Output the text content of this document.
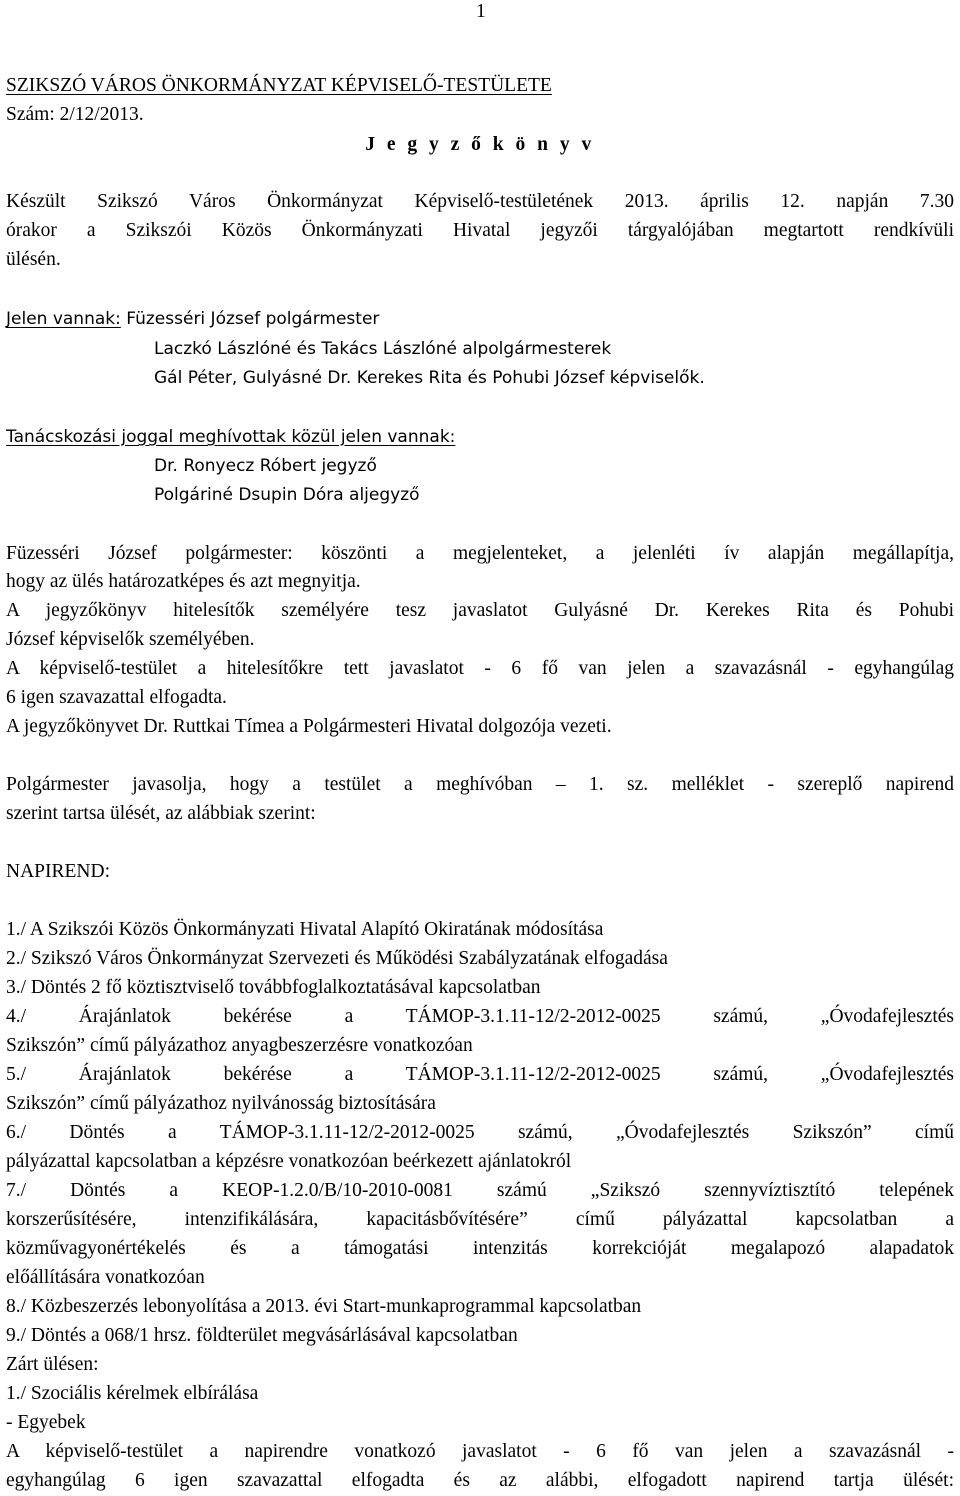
1
SZIKSZÓ VÁROS ÖNKORMÁNYZAT KÉPVISELŐ-TESTÜLETE
Szám: 2/12/2013.
J e g y z ő k ö n y v
Készült Szikszó Város Önkormányzat Képviselő-testületének 2013. április 12. napján 7.30
órakor a Szikszói Közös Önkormányzati Hivatal jegyzői tárgyalójában megtartott rendkívüli
ülésén.
Jelen vannak: Füzesséri József polgármester
Laczkó Lászlóné és Takács Lászlóné alpolgármesterek
Gál Péter, Gulyásné Dr. Kerekes Rita és Pohubi József képviselők.
Tanácskozási joggal meghívottak közül jelen vannak:
Dr. Ronyecz Róbert jegyző
Polgáriné Dsupin Dóra aljegyző
Füzesséri József polgármester: köszönti a megjelenteket, a jelenléti ív alapján megállapítja,
hogy az ülés határozatképes és azt megnyitja.
A jegyzőkönyv hitelesítők személyére tesz javaslatot Gulyásné Dr. Kerekes Rita és Pohubi
József képviselők személyében.
A képviselő-testület a hitelesítőkre tett javaslatot - 6 fő van jelen a szavazásnál - egyhangúlag
6 igen szavazattal elfogadta.
A jegyzőkönyvet Dr. Ruttkai Tímea a Polgármesteri Hivatal dolgozója vezeti.
Polgármester javasolja, hogy a testület a meghívóban – 1. sz. melléklet - szereplő napirend
szerint tartsa ülését, az alábbiak szerint:
NAPIREND:
1./ A Szikszói Közös Önkormányzati Hivatal Alapító Okiratának módosítása
2./ Szikszó Város Önkormányzat Szervezeti és Működési Szabályzatának elfogadása
3./ Döntés 2 fő köztisztviselő továbbfoglalkoztatásával kapcsolatban
4./ Árajánlatok bekérése a TÁMOP-3.1.11-12/2-2012-0025 számú, „Óvodafejlesztés
Szikszón” című pályázathoz anyagbeszerzésre vonatkozóan
5./ Árajánlatok bekérése a TÁMOP-3.1.11-12/2-2012-0025 számú, „Óvodafejlesztés
Szikszón” című pályázathoz nyilvánosság biztosítására
6./ Döntés a TÁMOP-3.1.11-12/2-2012-0025 számú, „Óvodafejlesztés Szikszón” című
pályázattal kapcsolatban a képzésre vonatkozóan beérkezett ajánlatokról
7./ Döntés a KEOP-1.2.0/B/10-2010-0081 számú „Szikszó szennyvíztisztító telepének
korszerűsítésére, intenzifikálására, kapacitásbővítésére” című pályázattal kapcsolatban a
közművagyonértékelés és a támogatási intenzitás korrekcióját megalapozó alapadatok
előállítására vonatkozóan
8./ Közbeszerzés lebonyolítása a 2013. évi Start-munkaprogrammal kapcsolatban
9./ Döntés a 068/1 hrsz. földterület megvásárlásával kapcsolatban
Zárt ülésen:
1./ Szociális kérelmek elbírálása
- Egyebek
A képviselő-testület a napirendre vonatkozó javaslatot - 6 fő van jelen a szavazásnál -
egyhangúlag 6 igen szavazattal elfogadta és az alábbi, elfogadott napirend tartja ülését:
